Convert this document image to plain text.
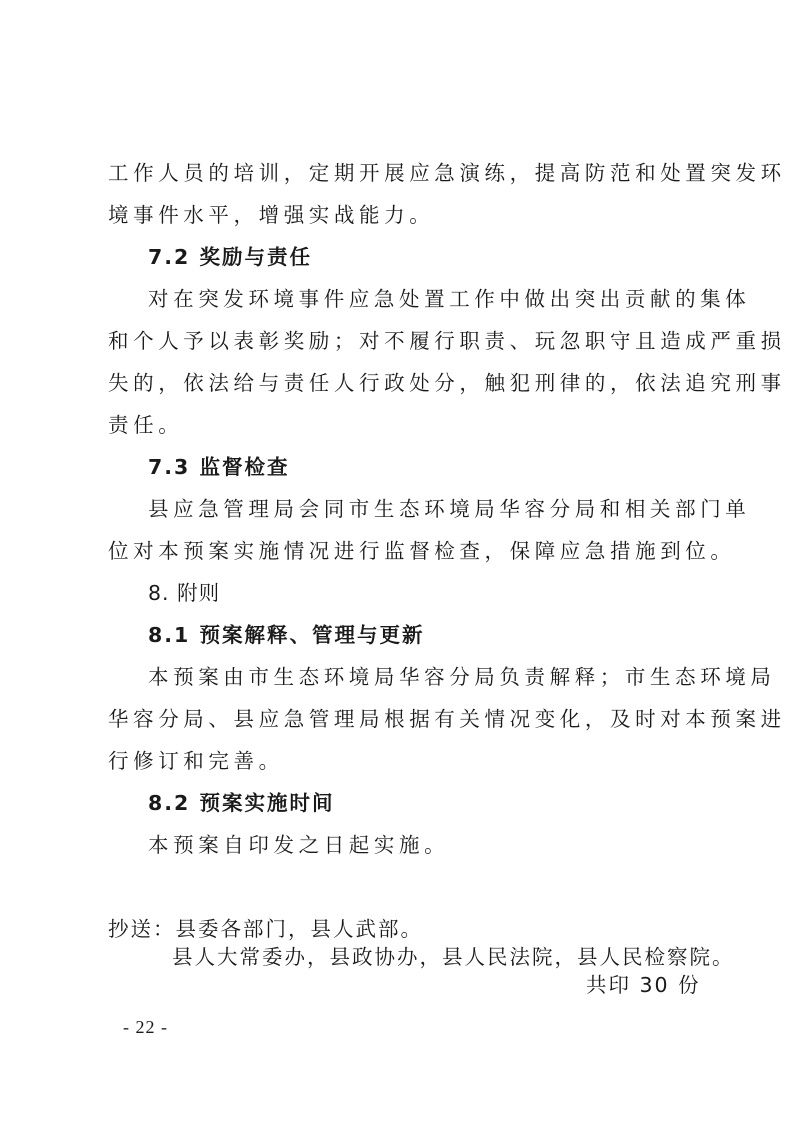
工作人员的培训，定期开展应急演练，提高防范和处置突发环
境事件水平，增强实战能力。
7.2 奖励与责任
对在突发环境事件应急处置工作中做出突出贡献的集体
和个人予以表彰奖励；对不履行职责、玩忽职守且造成严重损
失的，依法给与责任人行政处分，触犯刑律的，依法追究刑事
责任。
7.3 监督检查
县应急管理局会同市生态环境局华容分局和相关部门单
位对本预案实施情况进行监督检查，保障应急措施到位。
8. 附则
8.1 预案解释、管理与更新
本预案由市生态环境局华容分局负责解释；市生态环境局
华容分局、县应急管理局根据有关情况变化，及时对本预案进
行修订和完善。
8.2 预案实施时间
本预案自印发之日起实施。
抄送：县委各部门，县人武部。
县人大常委办，县政协办，县人民法院，县人民检察院。
共印 30 份
- 22 -
